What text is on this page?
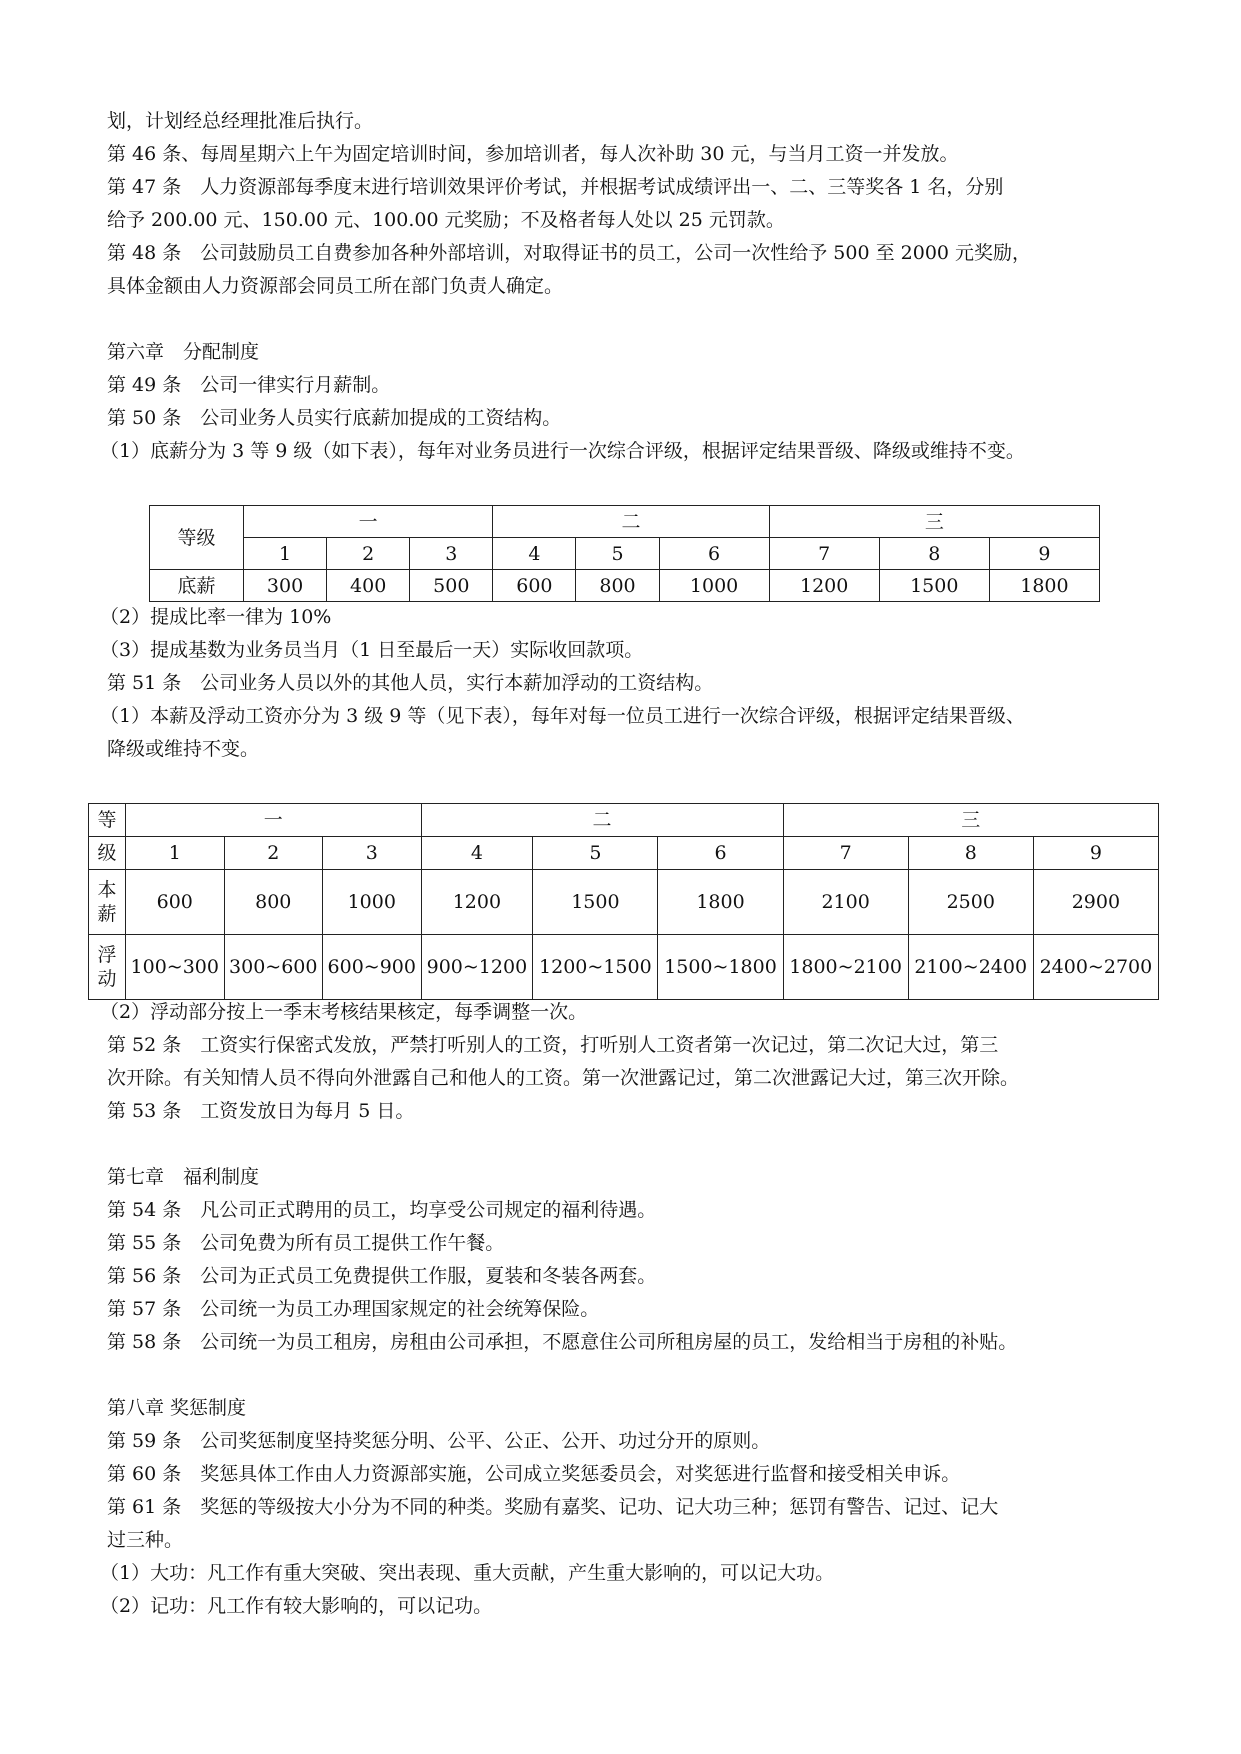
划，计划经总经理批准后执行。
第 46 条、每周星期六上午为固定培训时间，参加培训者，每人次补助 30 元，与当月工资一并发放。
第 47 条　人力资源部每季度末进行培训效果评价考试，并根据考试成绩评出一、二、三等奖各 1 名，分别
给予 200.00 元、150.00 元、100.00 元奖励；不及格者每人处以 25 元罚款。
第 48 条　公司鼓励员工自费参加各种外部培训，对取得证书的员工，公司一次性给予 500 至 2000 元奖励，
具体金额由人力资源部会同员工所在部门负责人确定。
第六章　分配制度
第 49 条　公司一律实行月薪制。
第 50 条　公司业务人员实行底薪加提成的工资结构。
（1）底薪分为 3 等 9 级（如下表），每年对业务员进行一次综合评级，根据评定结果晋级、降级或维持不变。
等级	一			二			三		
	1	2	3	4	5	6	7	8	9
底薪	300	400	500	600	800	1000	1200	1500	1800
（2）提成比率一律为 10%
（3）提成基数为业务员当月（1 日至最后一天）实际收回款项。
第 51 条　公司业务人员以外的其他人员，实行本薪加浮动的工资结构。
（1）本薪及浮动工资亦分为 3 级 9 等（见下表），每年对每一位员工进行一次综合评级，根据评定结果晋级、
降级或维持不变。
等	一			二			三		
级	1	2	3	4	5	6	7	8	9
本
薪	600	800	1000	1200	1500	1800	2100	2500	2900
浮
动	100~300	300~600	600~900	900~1200	1200~1500	1500~1800	1800~2100	2100~2400	2400~2700
（2）浮动部分按上一季末考核结果核定，每季调整一次。
第 52 条　工资实行保密式发放，严禁打听别人的工资，打听别人工资者第一次记过，第二次记大过，第三
次开除。有关知情人员不得向外泄露自己和他人的工资。第一次泄露记过，第二次泄露记大过，第三次开除。
第 53 条　工资发放日为每月 5 日。
第七章　福利制度
第 54 条　凡公司正式聘用的员工，均享受公司规定的福利待遇。
第 55 条　公司免费为所有员工提供工作午餐。
第 56 条　公司为正式员工免费提供工作服，夏装和冬装各两套。
第 57 条　公司统一为员工办理国家规定的社会统筹保险。
第 58 条　公司统一为员工租房，房租由公司承担，不愿意住公司所租房屋的员工，发给相当于房租的补贴。
第八章 奖惩制度
第 59 条　公司奖惩制度坚持奖惩分明、公平、公正、公开、功过分开的原则。
第 60 条　奖惩具体工作由人力资源部实施，公司成立奖惩委员会，对奖惩进行监督和接受相关申诉。
第 61 条　奖惩的等级按大小分为不同的种类。奖励有嘉奖、记功、记大功三种；惩罚有警告、记过、记大
过三种。
（1）大功：凡工作有重大突破、突出表现、重大贡献，产生重大影响的，可以记大功。
（2）记功：凡工作有较大影响的，可以记功。
